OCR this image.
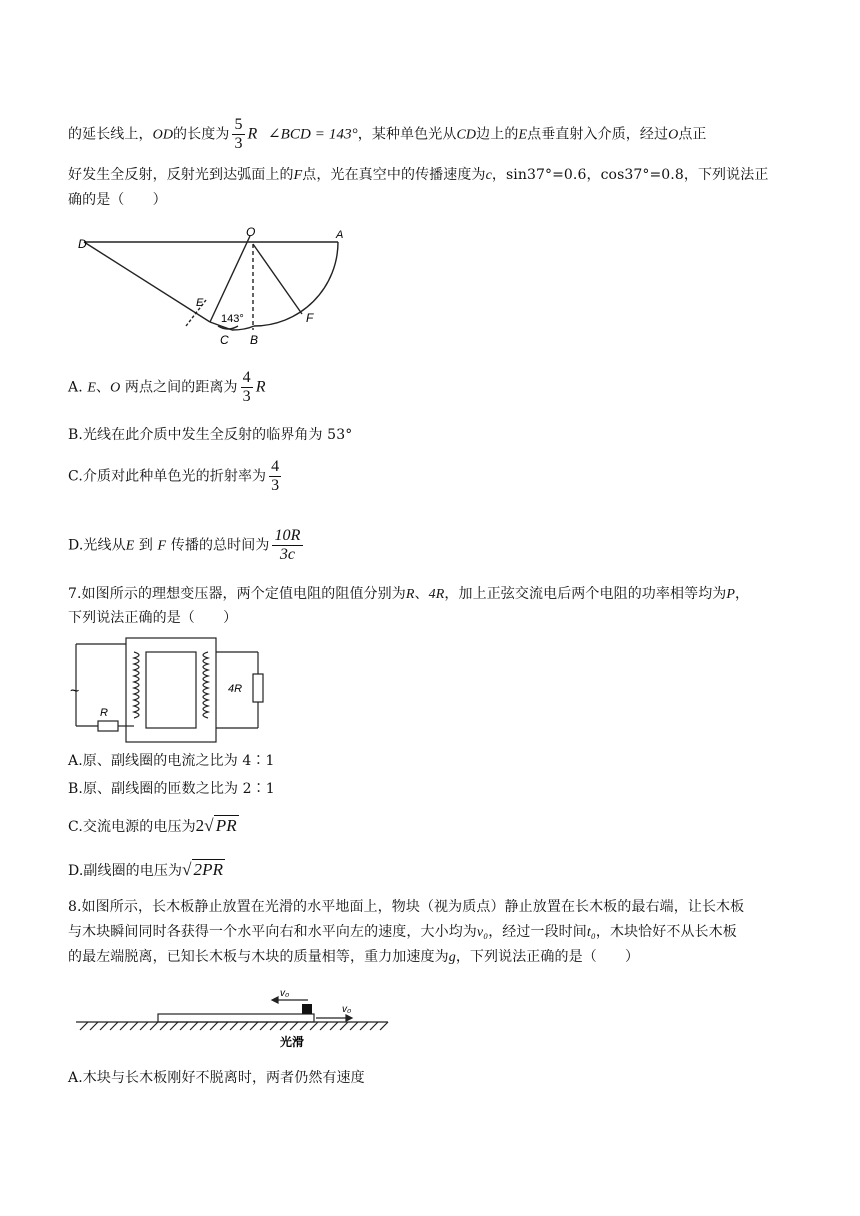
的延长线上，OD的长度为 $\frac{5}{3}$ R ∠BCD = 143°，某种单色光从CD边上的E点垂直射入介质，经过O点正
好发生全反射，反射光到达弧面上的F点，光在真空中的传播速度为c，sin37°=0.6，cos37°=0.8，下列说法正
确的是（　　）
D
O	A
E
143°
C B
F
A. E、O 两点之间的距离为 $\frac{4}{3}$ R
B.光线在此介质中发生全反射的临界角为 53°
C.介质对此种单色光的折射率为 $\frac{4}{3}$
D.光线从E 到 F 传播的总时间为 $\frac{10R}{3c}$
7.如图所示的理想变压器，两个定值电阻的阻值分别为R、4R，加上正弦交流电后两个电阻的功率相等均为P，
下列说法正确的是（　　）
~
R
4R
A.原、副线圈的电流之比为 4∶1
B.原、副线圈的匝数之比为 2∶1
C.交流电源的电压为2√ PR
D.副线圈的电压为√ 2PR
8.如图所示，长木板静止放置在光滑的水平地面上，物块（视为质点）静止放置在长木板的最右端，让长木板
与木块瞬间同时各获得一个水平向右和水平向左的速度，大小均为v₀，经过一段时间t₀，木块恰好不从长木板
的最左端脱离，已知长木板与木块的质量相等，重力加速度为g，下列说法正确的是（　　）
v₀
v₀
光滑
A.木块与长木板刚好不脱离时，两者仍然有速度
